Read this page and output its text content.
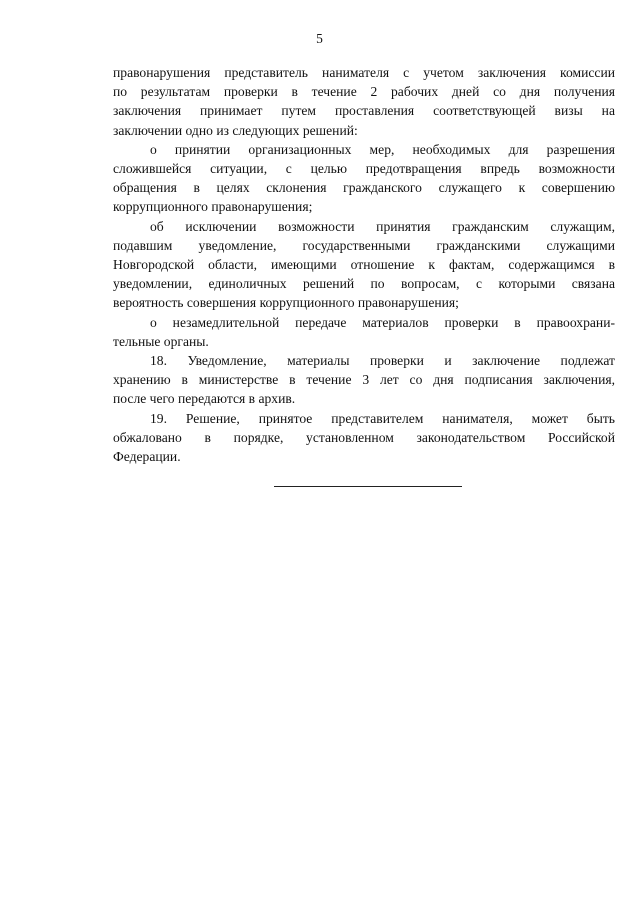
5
правонарушения представитель нанимателя с учетом заключения комиссии
по результатам проверки в течение 2 рабочих дней со дня получения
заключения принимает путем проставления соответствующей визы на
заключении одно из следующих решений:
о принятии организационных мер, необходимых для разрешения
сложившейся ситуации, с целью предотвращения впредь возможности
обращения в целях склонения гражданского служащего к совершению
коррупционного правонарушения;
об исключении возможности принятия гражданским служащим,
подавшим уведомление, государственными гражданскими служащими
Новгородской области, имеющими отношение к фактам, содержащимся в
уведомлении, единоличных решений по вопросам, с которыми связана
вероятность совершения коррупционного правонарушения;
о незамедлительной передаче материалов проверки в правоохрани-
тельные органы.
18. Уведомление, материалы проверки и заключение подлежат
хранению в министерстве в течение 3 лет со дня подписания заключения,
после чего передаются в архив.
19. Решение, принятое представителем нанимателя, может быть
обжаловано в порядке, установленном законодательством Российской
Федерации.
